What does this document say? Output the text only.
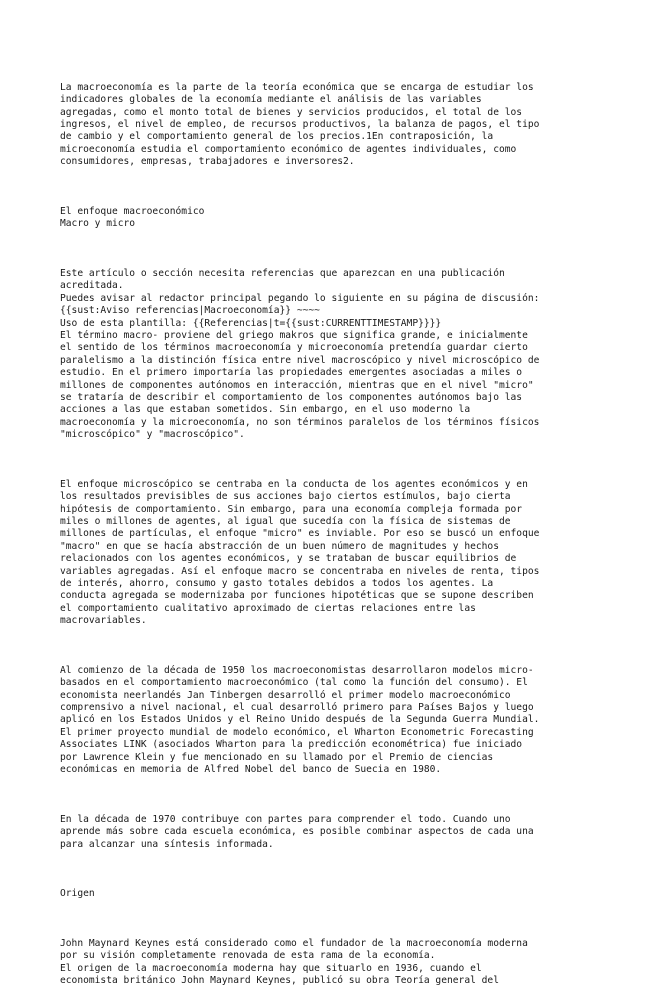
La macroeconomía es la parte de la teoría económica que se encarga de estudiar los
indicadores globales de la economía mediante el análisis de las variables
agregadas, como el monto total de bienes y servicios producidos, el total de los
ingresos, el nivel de empleo, de recursos productivos, la balanza de pagos, el tipo
de cambio y el comportamiento general de los precios.1En contraposición, la
microeconomía estudia el comportamiento económico de agentes individuales, como
consumidores, empresas, trabajadores e inversores2.

El enfoque macroeconómico
Macro y micro

Este artículo o sección necesita referencias que aparezcan en una publicación
acreditada.
Puedes avisar al redactor principal pegando lo siguiente en su página de discusión:
{{sust:Aviso referencias|Macroeconomía}} ~~~~
Uso de esta plantilla: {{Referencias|t={{sust:CURRENTTIMESTAMP}}}}
El término macro- proviene del griego makros que significa grande, e inicialmente
el sentido de los términos macroeconomía y microeconomía pretendía guardar cierto
paralelismo a la distinción física entre nivel macroscópico y nivel microscópico de
estudio. En el primero importaría las propiedades emergentes asociadas a miles o
millones de componentes autónomos en interacción, mientras que en el nivel "micro"
se trataría de describir el comportamiento de los componentes autónomos bajo las
acciones a las que estaban sometidos. Sin embargo, en el uso moderno la
macroeconomía y la microeconomía, no son términos paralelos de los términos físicos
"microscópico" y "macroscópico".

El enfoque microscópico se centraba en la conducta de los agentes económicos y en
los resultados previsibles de sus acciones bajo ciertos estímulos, bajo cierta
hipótesis de comportamiento. Sin embargo, para una economía compleja formada por
miles o millones de agentes, al igual que sucedía con la física de sistemas de
millones de partículas, el enfoque "micro" es inviable. Por eso se buscó un enfoque
"macro" en que se hacía abstracción de un buen número de magnitudes y hechos
relacionados con los agentes económicos, y se trataban de buscar equilibrios de
variables agregadas. Así el enfoque macro se concentraba en niveles de renta, tipos
de interés, ahorro, consumo y gasto totales debidos a todos los agentes. La
conducta agregada se modernizaba por funciones hipotéticas que se supone describen
el comportamiento cualitativo aproximado de ciertas relaciones entre las
macrovariables.

Al comienzo de la década de 1950 los macroeconomistas desarrollaron modelos micro-
basados en el comportamiento macroeconómico (tal como la función del consumo). El
economista neerlandés Jan Tinbergen desarrolló el primer modelo macroeconómico
comprensivo a nivel nacional, el cual desarrolló primero para Países Bajos y luego
aplicó en los Estados Unidos y el Reino Unido después de la Segunda Guerra Mundial.
El primer proyecto mundial de modelo económico, el Wharton Econometric Forecasting
Associates LINK (asociados Wharton para la predicción econométrica) fue iniciado
por Lawrence Klein y fue mencionado en su llamado por el Premio de ciencias
económicas en memoria de Alfred Nobel del banco de Suecia en 1980.

En la década de 1970 contribuye con partes para comprender el todo. Cuando uno
aprende más sobre cada escuela económica, es posible combinar aspectos de cada una
para alcanzar una síntesis informada.

Origen

John Maynard Keynes está considerado como el fundador de la macroeconomía moderna
por su visión completamente renovada de esta rama de la economía.
El origen de la macroeconomía moderna hay que situarlo en 1936, cuando el
economista británico John Maynard Keynes, publicó su obra Teoría general del
